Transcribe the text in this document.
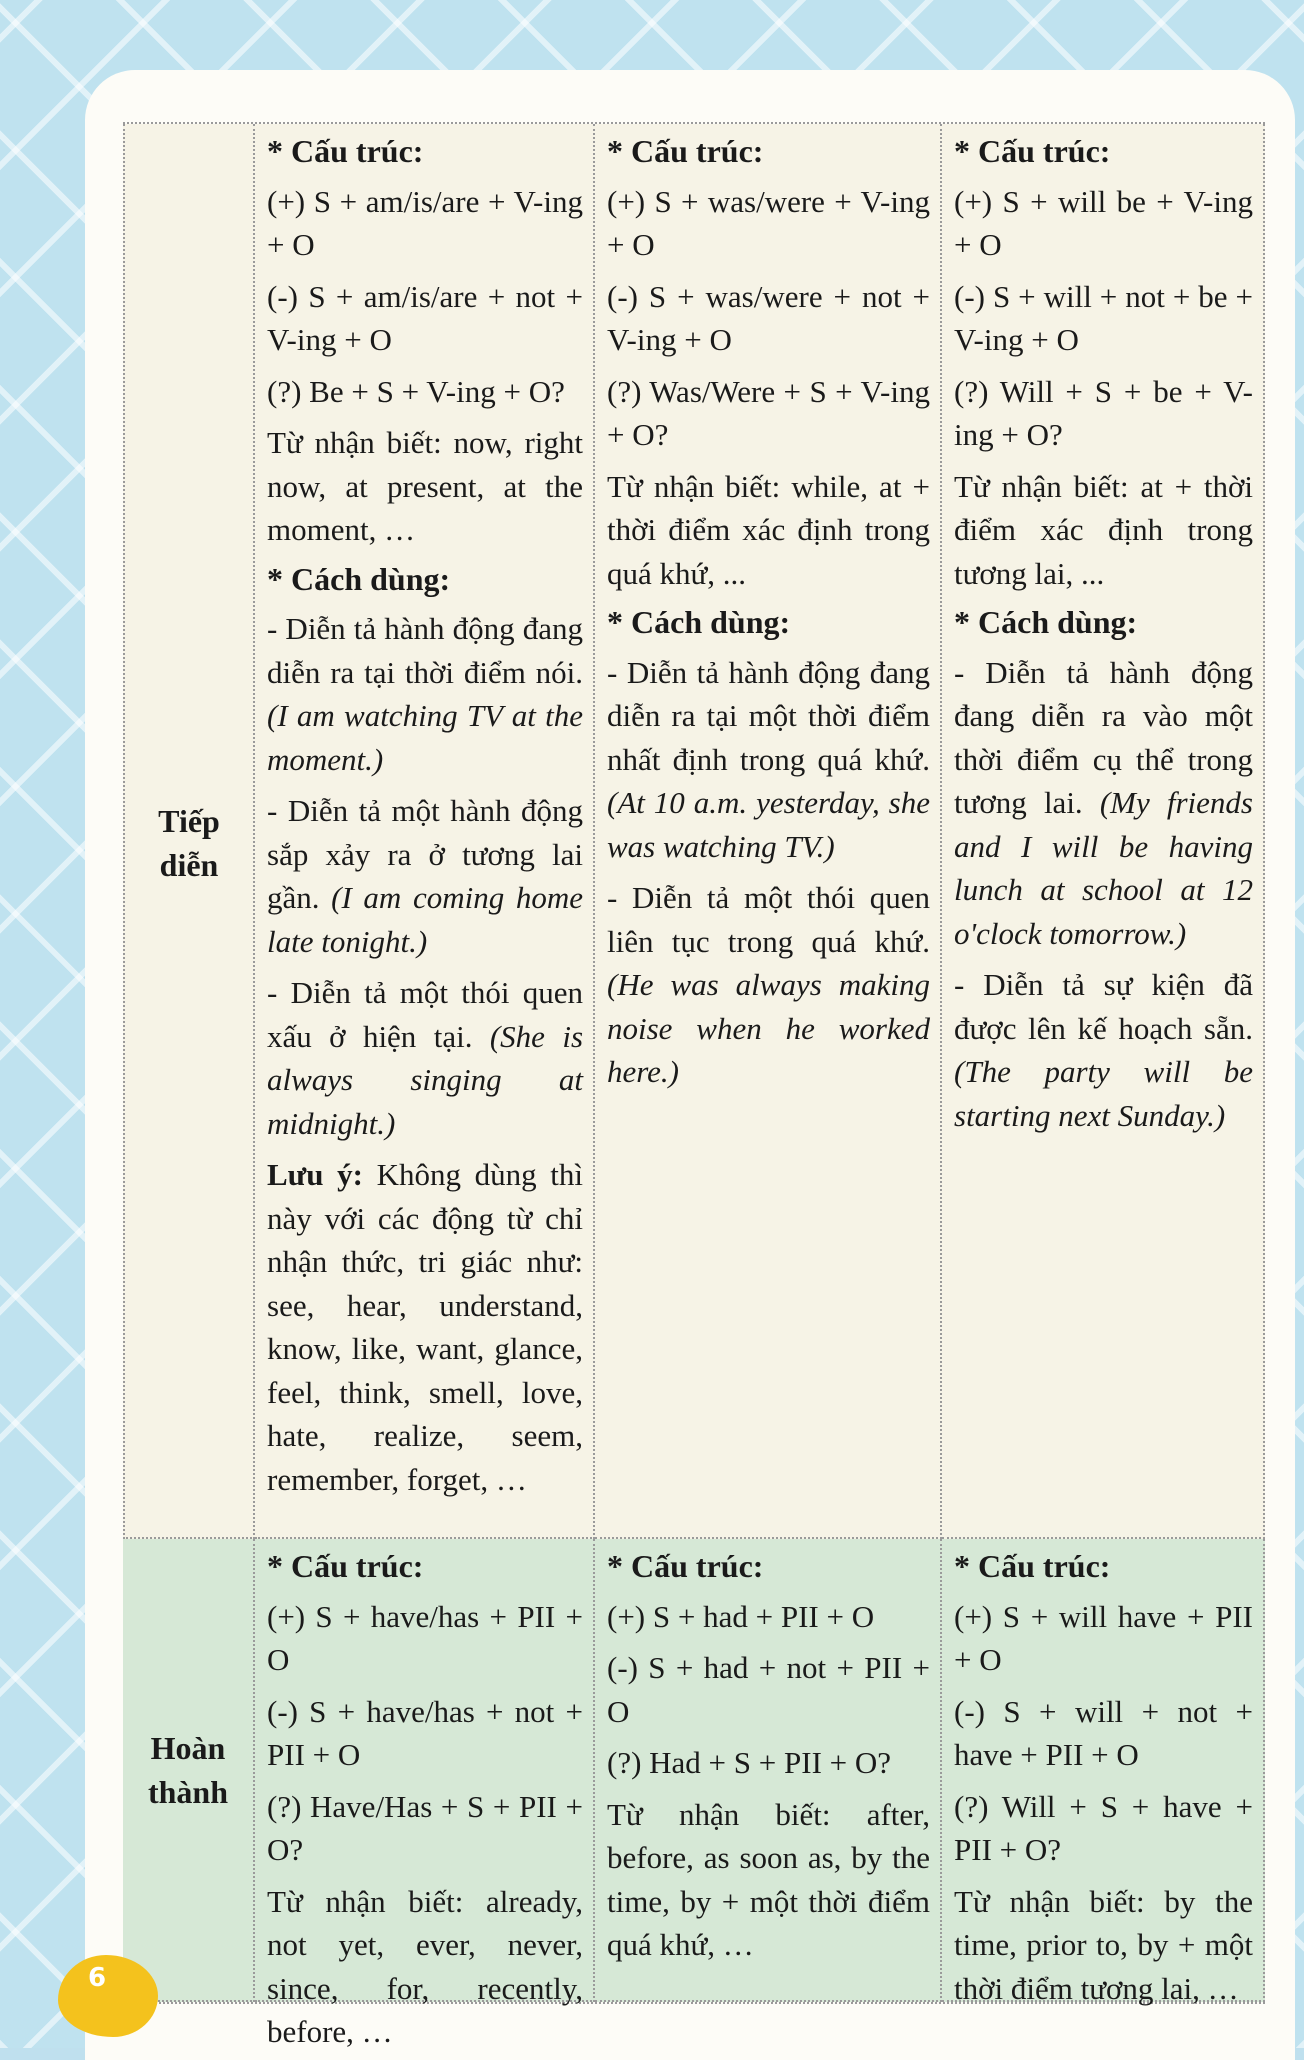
Tiếp diễn
* Cấu trúc:
(+) S + am/is/are + V-ing + O
(-) S + am/is/are + not + V-ing + O
(?) Be + S + V-ing + O?
Từ nhận biết: now, right now, at present, at the moment, …
* Cách dùng:
- Diễn tả hành động đang diễn ra tại thời điểm nói. (I am watching TV at the moment.)
- Diễn tả một hành động sắp xảy ra ở tương lai gần. (I am coming home late tonight.)
- Diễn tả một thói quen xấu ở hiện tại. (She is always singing at midnight.)
Lưu ý: Không dùng thì này với các động từ chỉ nhận thức, tri giác như: see, hear, understand, know, like, want, glance, feel, think, smell, love, hate, realize, seem, remember, forget, …
* Cấu trúc:
(+) S + was/were + V-ing + O
(-) S + was/were + not + V-ing + O
(?) Was/Were + S + V-ing + O?
Từ nhận biết: while, at + thời điểm xác định trong quá khứ, ...
* Cách dùng:
- Diễn tả hành động đang diễn ra tại một thời điểm nhất định trong quá khứ. (At 10 a.m. yesterday, she was watching TV.)
- Diễn tả một thói quen liên tục trong quá khứ. (He was always making noise when he worked here.)
* Cấu trúc:
(+) S + will be + V-ing + O
(-) S + will + not + be + V-ing + O
(?) Will + S + be + V-ing + O?
Từ nhận biết: at + thời điểm xác định trong tương lai, ...
* Cách dùng:
- Diễn tả hành động đang diễn ra vào một thời điểm cụ thể trong tương lai. (My friends and I will be having lunch at school at 12 o'clock tomorrow.)
- Diễn tả sự kiện đã được lên kế hoạch sẵn. (The party will be starting next Sunday.)
Hoàn thành
* Cấu trúc:
(+) S + have/has + PII + O
(-) S + have/has + not + PII + O
(?) Have/Has + S + PII + O?
Từ nhận biết: already, not yet, ever, never, since, for, recently, before, …
* Cấu trúc:
(+) S + had + PII + O
(-) S + had + not + PII + O
(?) Had + S + PII + O?
Từ nhận biết: after, before, as soon as, by the time, by + một thời điểm quá khứ, …
* Cấu trúc:
(+) S + will have + PII + O
(-) S + will + not + have + PII + O
(?) Will + S + have + PII + O?
Từ nhận biết: by the time, prior to, by + một thời điểm tương lai, …
6
